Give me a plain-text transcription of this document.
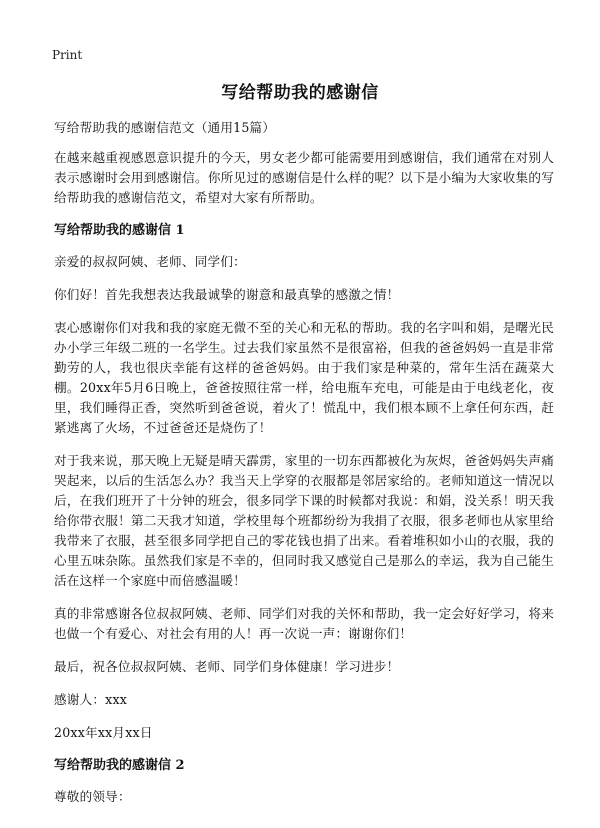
Print
写给帮助我的感谢信

写给帮助我的感谢信范文（通用15篇）

在越来越重视感恩意识提升的今天，男女老少都可能需要用到感谢信，我们通常在对别人表示感谢时会用到感谢信。你所见过的感谢信是什么样的呢？以下是小编为大家收集的写给帮助我的感谢信范文，希望对大家有所帮助。

写给帮助我的感谢信 1

亲爱的叔叔阿姨、老师、同学们：

你们好！首先我想表达我最诚挚的谢意和最真挚的感激之情！

衷心感谢你们对我和我的家庭无微不至的关心和无私的帮助。我的名字叫和娟，是曙光民办小学三年级二班的一名学生。过去我们家虽然不是很富裕，但我的爸爸妈妈一直是非常勤劳的人，我也很庆幸能有这样的爸爸妈妈。由于我们家是种菜的，常年生活在蔬菜大棚。20xx年5月6日晚上，爸爸按照往常一样，给电瓶车充电，可能是由于电线老化，夜里，我们睡得正香，突然听到爸爸说，着火了！慌乱中，我们根本顾不上拿任何东西，赶紧逃离了火场，不过爸爸还是烧伤了！

对于我来说，那天晚上无疑是晴天霹雳，家里的一切东西都被化为灰烬，爸爸妈妈失声痛哭起来，以后的生活怎么办？我当天上学穿的衣服都是邻居家给的。老师知道这一情况以后，在我们班开了十分钟的班会，很多同学下课的时候都对我说：和娟，没关系！明天我给你带衣服！第二天我才知道，学校里每个班都纷纷为我捐了衣服，很多老师也从家里给我带来了衣服，甚至很多同学把自己的零花钱也捐了出来。看着堆积如小山的衣服，我的心里五味杂陈。虽然我们家是不幸的，但同时我又感觉自己是那么的幸运，我为自己能生活在这样一个家庭中而倍感温暖！

真的非常感谢各位叔叔阿姨、老师、同学们对我的关怀和帮助，我一定会好好学习，将来也做一个有爱心、对社会有用的人！再一次说一声：谢谢你们！

最后，祝各位叔叔阿姨、老师、同学们身体健康！学习进步！

感谢人：xxx

20xx年xx月xx日

写给帮助我的感谢信 2

尊敬的领导：
